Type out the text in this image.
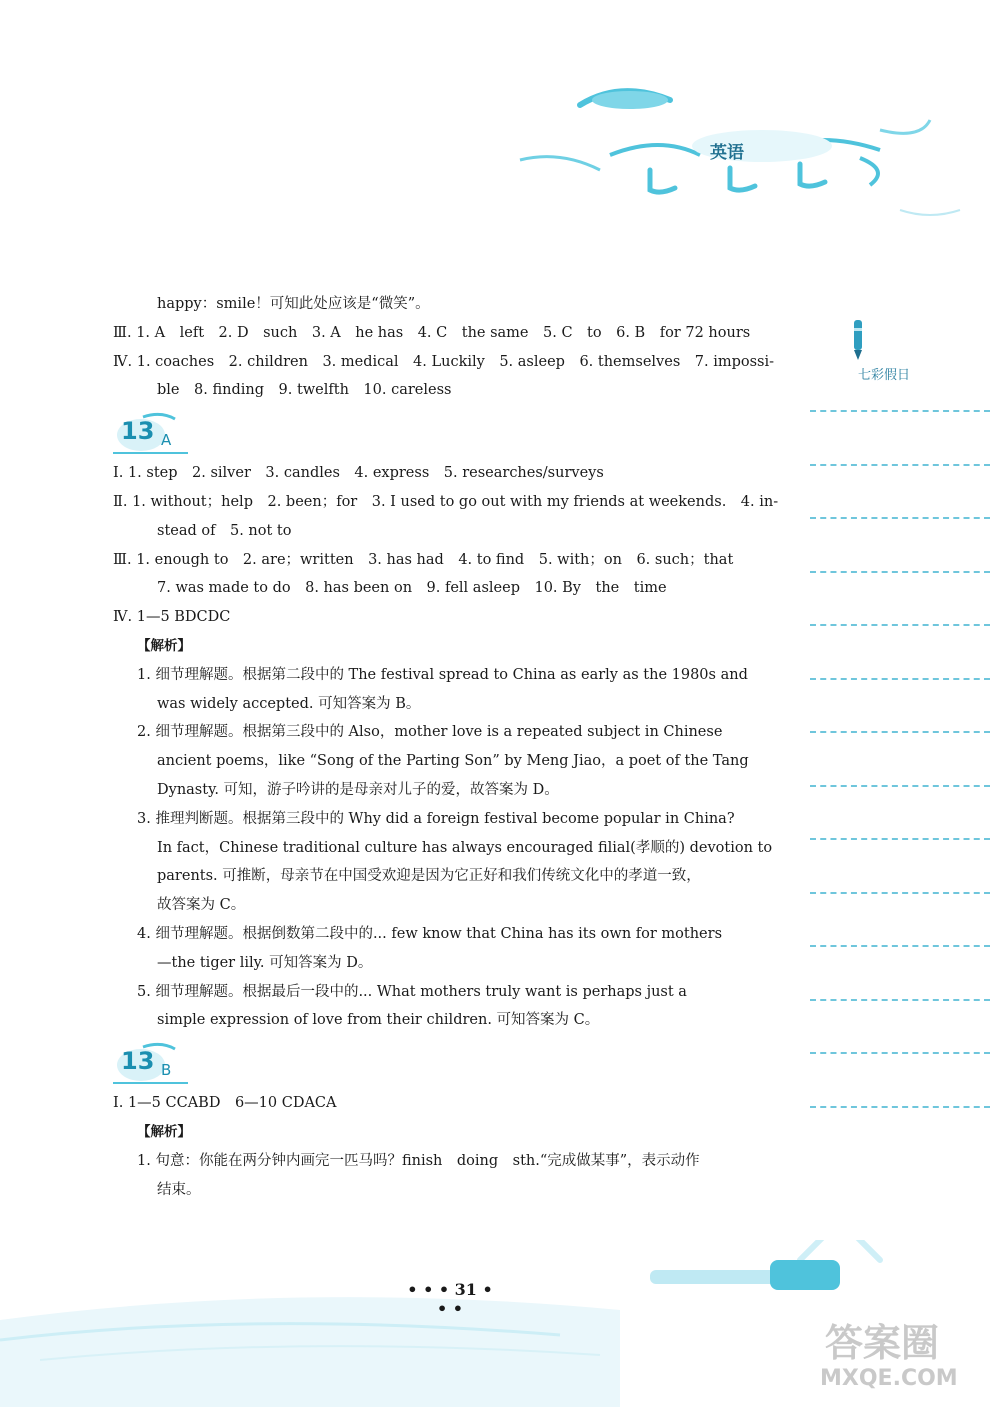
英语
七彩假日
happy：smile！可知此处应该是“微笑”。
Ⅲ. 1. A　left　2. D　such　3. A　he has　4. C　the same　5. C　to　6. B　for 72 hours
Ⅳ. 1. coaches　2. children　3. medical　4. Luckily　5. asleep　6. themselves　7. impossi-
ble　8. finding　9. twelfth　10. careless
13 A
Ⅰ. 1. step　2. silver　3. candles　4. express　5. researches/surveys
Ⅱ. 1. without；help　2. been；for　3. I used to go out with my friends at weekends.　4. in-
stead of　5. not to
Ⅲ. 1. enough to　2. are；written　3. has had　4. to find　5. with；on　6. such；that
7. was made to do　8. has been on　9. fell asleep　10. By　the　time
Ⅳ. 1—5 BDCDC
【解析】
1. 细节理解题。根据第二段中的 The festival spread to China as early as the 1980s and
was widely accepted. 可知答案为 B。
2. 细节理解题。根据第三段中的 Also，mother love is a repeated subject in Chinese
ancient poems，like “Song of the Parting Son” by Meng Jiao，a poet of the Tang
Dynasty. 可知，游子吟讲的是母亲对儿子的爱，故答案为 D。
3. 推理判断题。根据第三段中的 Why did a foreign festival become popular in China?
In fact，Chinese traditional culture has always encouraged filial(孝顺的) devotion to
parents. 可推断，母亲节在中国受欢迎是因为它正好和我们传统文化中的孝道一致，
故答案为 C。
4. 细节理解题。根据倒数第二段中的... few know that China has its own for mothers
—the tiger lily. 可知答案为 D。
5. 细节理解题。根据最后一段中的... What mothers truly want is perhaps just a
simple expression of love from their children. 可知答案为 C。
13 B
Ⅰ. 1—5 CCABD　6—10 CDACA
【解析】
1. 句意：你能在两分钟内画完一匹马吗？finish　doing　sth.“完成做某事”，表示动作
结束。
• • • 31 • • •
答案圈
MXQE.COM
